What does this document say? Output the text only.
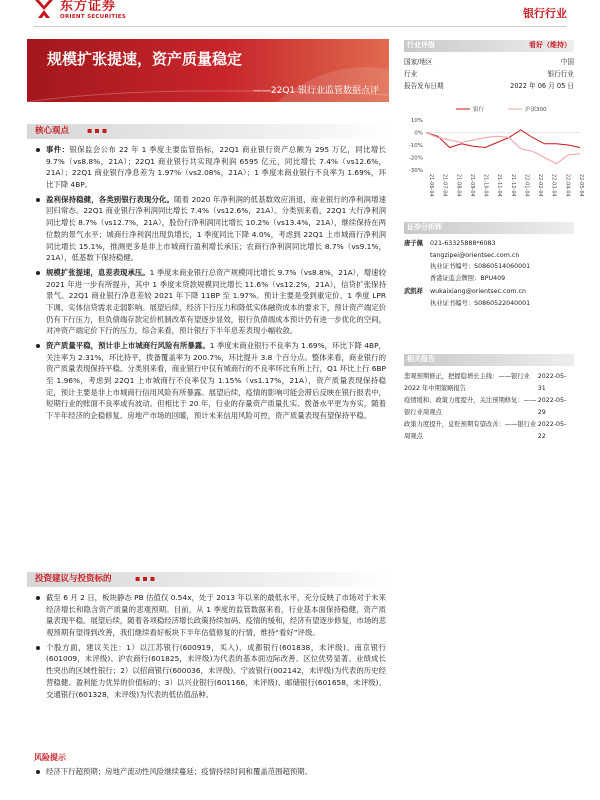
东方证券
ORIENT SECURITIES	银行行业
规模扩张提速，资产质量稳定
——22Q1 银行业监管数据点评
核心观点 ▪▪▪
事件：银保监会公布 22 年 1 季度主要监管指标，22Q1 商业银行资产总额为 295 万亿，同比增长 9.7%（vs8.8%，21A）；22Q1 商业银行共实现净利润 6595 亿元，同比增长 7.4%（vs12.6%，21A）；22Q1 商业银行净息差为 1.97%（vs2.08%，21A）；1 季度末商业银行不良率为 1.69%，环比下降 4BP。
盈利保持稳健，各类别银行表现分化。随着 2020 年净利润的低基数效应消退，商业银行的净利润增速回归常态。22Q1 商业银行净利润同比增长 7.4%（vs12.6%，21A）。分类别来看，22Q1 大行净利润同比增长 8.7%（vs12.7%，21A），股份行净利润同比增长 10.2%（vs13.4%，21A），继续保持在两位数的景气水平；城商行净利润出现负增长，1 季度同比下降 4.0%，考虑到 22Q1 上市城商行净利润同比增长 15.1%，推测更多是非上市城商行盈利增长承压；农商行净利润同比增长 8.7%（vs9.1%，21A），低基数下保持稳健。
规模扩张提速，息差表现承压。1 季度末商业银行总资产规模同比增长 9.7%（vs8.8%，21A），增速较 2021 年进一步有所提升，其中 1 季度末贷款规模同比增长 11.6%（vs12.2%，21A），信贷扩张保持景气。22Q1 商业银行净息差较 2021 年下降 11BP 至 1.97%。预计主要是受到重定价、1 季度 LPR 下调、实体信贷需求走弱影响。展望后续，经济下行压力和降低实体融资成本的要求下，预计资产端定价仍有下行压力，但负债端存款定价机制改革有望逐步显效，银行负债端成本预计仍有进一步优化的空间，对冲资产端定价下行的压力，综合来看，预计银行下半年息差表现小幅收敛。
资产质量平稳，预计非上市城商行风险有所暴露。1 季度末商业银行不良率为 1.69%，环比下降 4BP，关注率为 2.31%，环比持平，拨备覆盖率为 200.7%，环比提升 3.8 个百分点。整体来看，商业银行的资产质量表现保持平稳。分类别来看，商业银行中仅有城商行的不良率环比有所上行，Q1 环比上行 6BP 至 1.96%，考虑到 22Q1 上市城商行不良率仅为 1.15%（vs1.17%，21A），资产质量表现保持稳定，预计主要是非上市城商行信用风险有所暴露。展望后续，疫情的影响可能会滞后反映在银行报表中，短期行业的账面不良率或有波动。但相比于 20 年，行业的存量资产质量扎实、拨备水平更为夯实，随着下半年经济的企稳修复、房地产市场的回暖，预计未来信用风险可控，资产质量表现有望保持平稳。
投资建议与投资标的	▪▪▪
截至 6 月 2 日，板块静态 PB 估值仅 0.54x，处于 2013 年以来的最低水平，充分反映了市场对于未来经济增长和隐含资产质量的悲观预期。目前，从 1 季度的监管数据来看，行业基本面保持稳健，资产质量表现平稳。展望后续，随着各项稳经济增长政策持续加码、疫情的缓和，经济有望逐步修复，市场的悲观预期有望得到改善，我们继续看好板块下半年估值修复的行情，维持“看好”评级。
个股方面，建议关注：1）以江苏银行(600919，买入)、成都银行(601838，未评级)、南京银行(601009，未评级)、沪农商行(601825，未评级)为代表的基本面边际改善、区位优势显著、业绩成长性突出的区域性银行；2）以招商银行(600036，未评级)、宁波银行(002142，未评级)为代表的历史经营稳健、盈利能力优异的价值标的；3）以兴业银行(601166，未评级)、邮储银行(601658，未评级)、交通银行(601328，未评级)为代表的低估值品种。
风险提示
经济下行超预期；房地产流动性风险继续蔓延；疫情持续时间和覆盖范围超预期。
行业评级	看好（维持）
国家/地区	中国
行业	银行行业
报告发布日期	2022 年 06 月 05 日
银行	沪深300
10%
0%
-10%
-20%
-30%
21-06-04 21-07-04 21-08-04 21-09-04 21-10-04 21-11-04 21-12-04 22-01-04 22-02-04 22-03-04 22-04-04 22-05-04
证券分析师
唐子佩	021-63325888*6083
tangzipei@orientsec.com.cn
执业证书编号：S0860514060001
香港证监会牌照：BPU409
武凯祥	wukaixiang@orientsec.com.cn
执业证书编号：S0860522040001
相关报告
悲观预期修正，把握稳增长主线：——银行业 2022 年中期策略报告
2022-05-31
疫情缓和、政策力度提升，关注预期修复：——银行业周观点
2022-05-29
政策力度提升，息贬预期有望改善：——银行业周观点
2022-05-22
